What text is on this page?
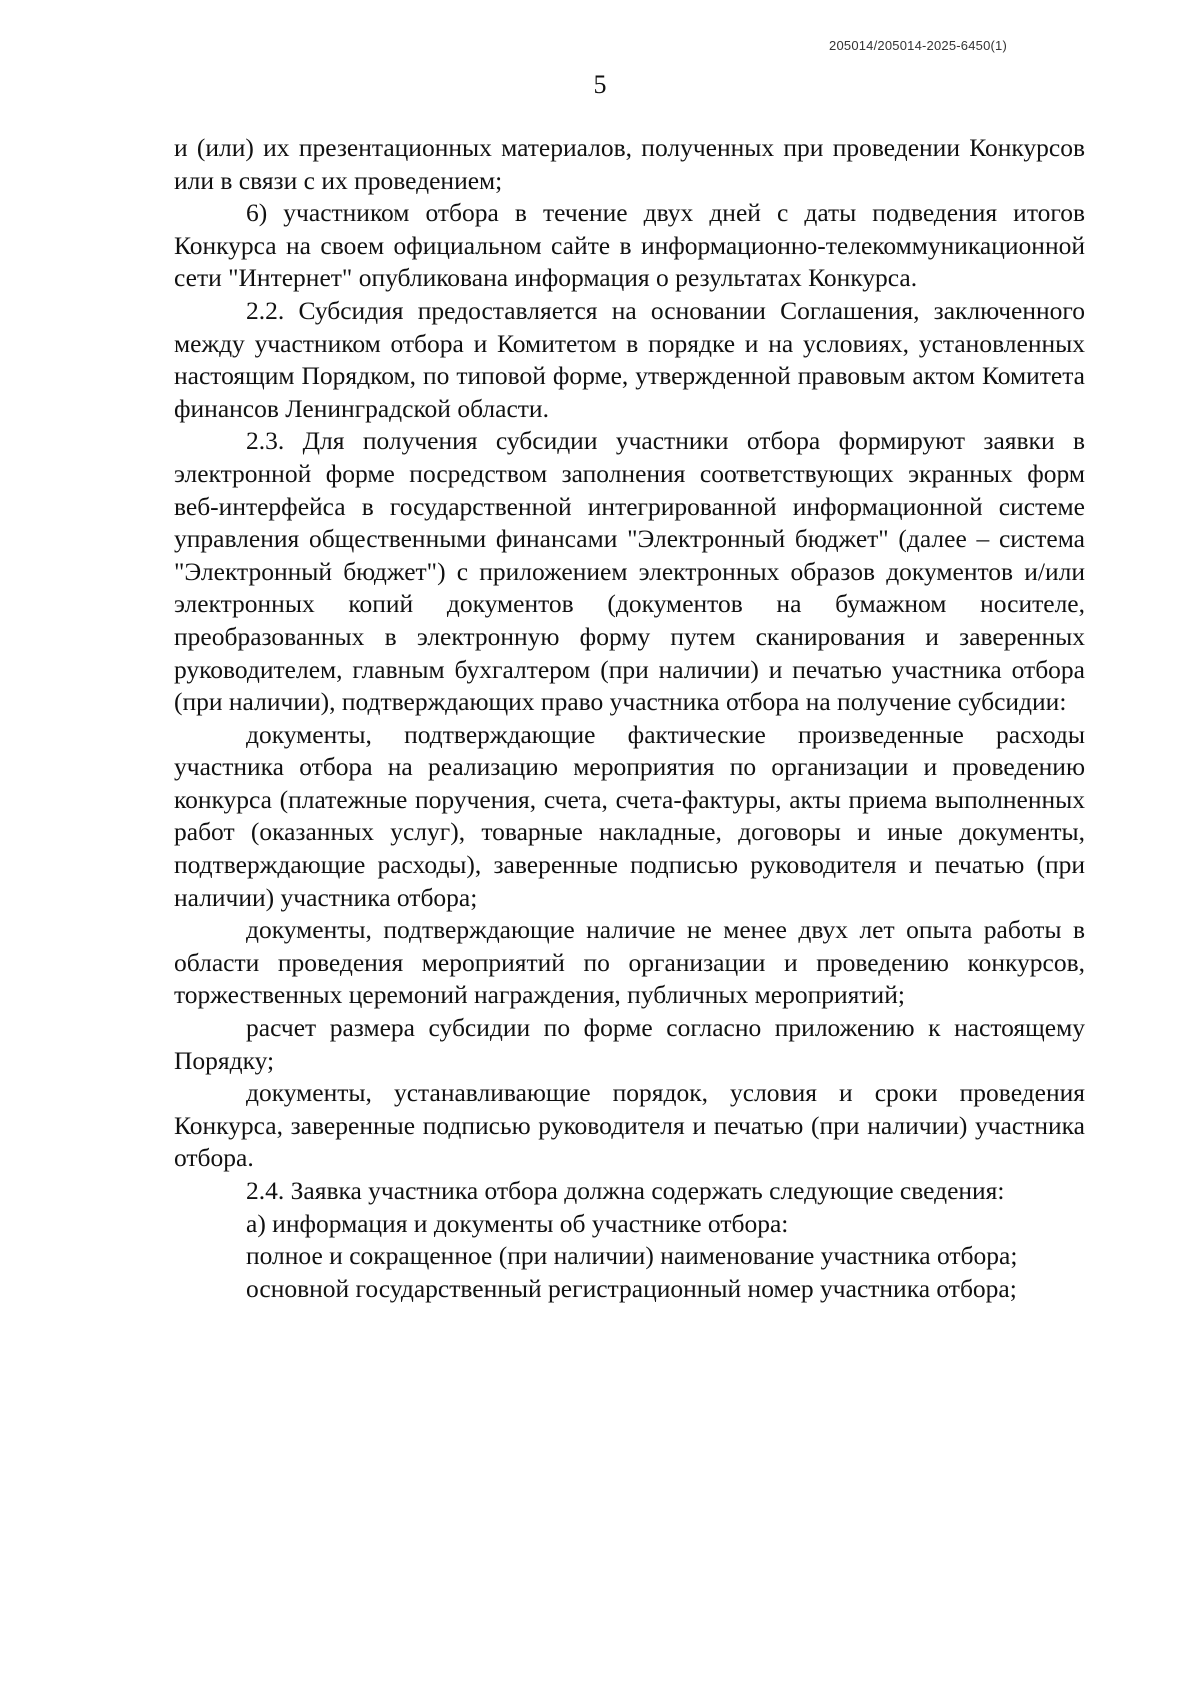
205014/205014-2025-6450(1)
5

и (или) их презентационных материалов, полученных при проведении Конкурсов или в связи с их проведением;

6) участником отбора в течение двух дней с даты подведения итогов Конкурса на своем официальном сайте в информационно-телекоммуникационной сети "Интернет" опубликована информация о результатах Конкурса.

2.2. Субсидия предоставляется на основании Соглашения, заключенного между участником отбора и Комитетом в порядке и на условиях, установленных настоящим Порядком, по типовой форме, утвержденной правовым актом Комитета финансов Ленинградской области.

2.3. Для получения субсидии участники отбора формируют заявки в электронной форме посредством заполнения соответствующих экранных форм веб-интерфейса в государственной интегрированной информационной системе управления общественными финансами "Электронный бюджет" (далее – система "Электронный бюджет") с приложением электронных образов документов и/или электронных копий документов (документов на бумажном носителе, преобразованных в электронную форму путем сканирования и заверенных руководителем, главным бухгалтером (при наличии) и печатью участника отбора (при наличии), подтверждающих право участника отбора на получение субсидии:

документы, подтверждающие фактические произведенные расходы участника отбора на реализацию мероприятия по организации и проведению конкурса (платежные поручения, счета, счета-фактуры, акты приема выполненных работ (оказанных услуг), товарные накладные, договоры и иные документы, подтверждающие расходы), заверенные подписью руководителя и печатью (при наличии) участника отбора;

документы, подтверждающие наличие не менее двух лет опыта работы в области проведения мероприятий по организации и проведению конкурсов, торжественных церемоний награждения, публичных мероприятий;

расчет размера субсидии по форме согласно приложению к настоящему Порядку;

документы, устанавливающие порядок, условия и сроки проведения Конкурса, заверенные подписью руководителя и печатью (при наличии) участника отбора.

2.4. Заявка участника отбора должна содержать следующие сведения:

а) информация и документы об участнике отбора:

полное и сокращенное (при наличии) наименование участника отбора;

основной государственный регистрационный номер участника отбора;
